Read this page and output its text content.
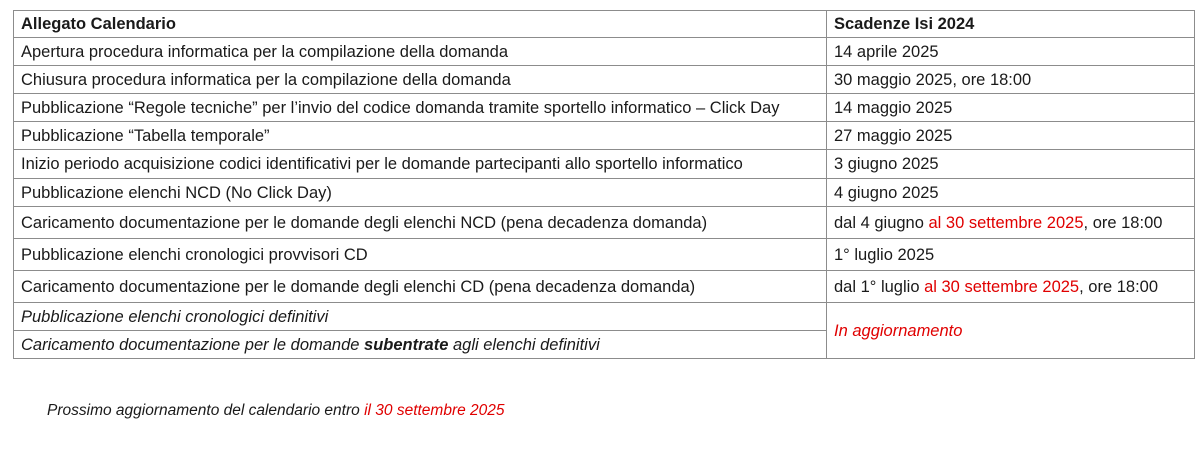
Allegato Calendario	Scadenze Isi 2024
Apertura procedura informatica per la compilazione della domanda	14 aprile 2025
Chiusura procedura informatica per la compilazione della domanda	30 maggio 2025, ore 18:00
Pubblicazione “Regole tecniche” per l’invio del codice domanda tramite sportello informatico – Click Day	14 maggio 2025
Pubblicazione “Tabella temporale”	27 maggio 2025
Inizio periodo acquisizione codici identificativi per le domande partecipanti allo sportello informatico	3 giugno 2025
Pubblicazione elenchi NCD (No Click Day)	4 giugno 2025
Caricamento documentazione per le domande degli elenchi NCD (pena decadenza domanda)	dal 4 giugno al 30 settembre 2025, ore 18:00
Pubblicazione elenchi cronologici provvisori CD	1° luglio 2025
Caricamento documentazione per le domande degli elenchi CD (pena decadenza domanda)	dal 1° luglio al 30 settembre 2025, ore 18:00
Pubblicazione elenchi cronologici definitivi	In aggiornamento
Caricamento documentazione per le domande subentrate agli elenchi definitivi	
Prossimo aggiornamento del calendario entro il 30 settembre 2025
